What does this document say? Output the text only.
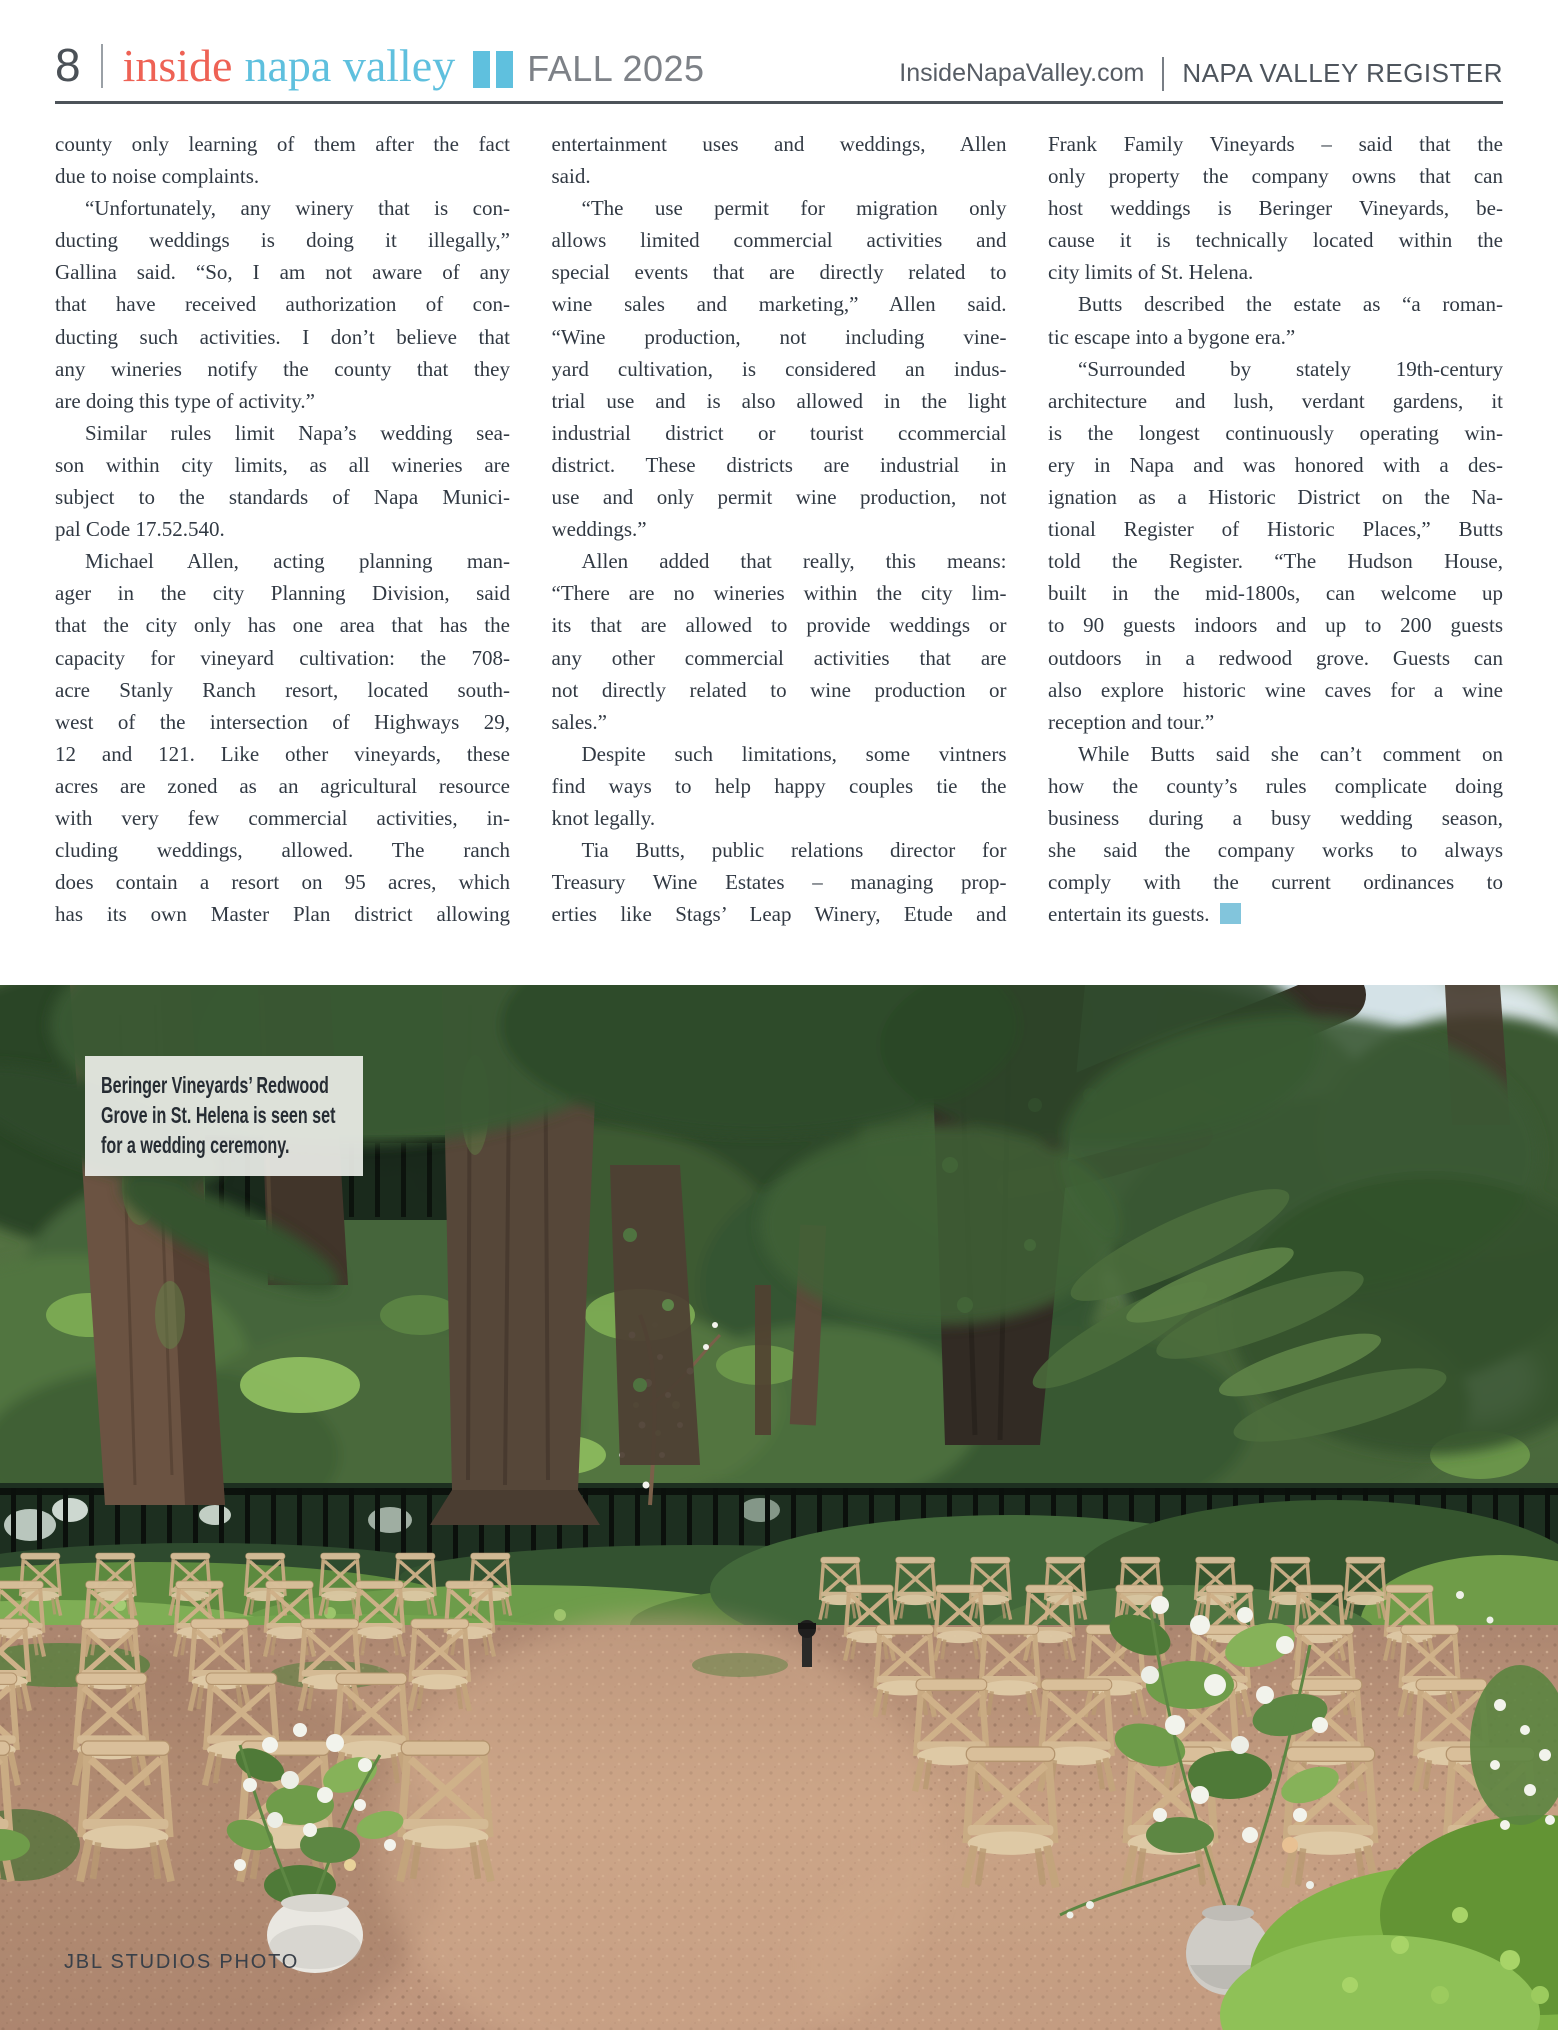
8 inside napa valley FALL 2025	InsideNapaValley.com NAPA VALLEY REGISTER
county only learning of them after the fact
due to noise complaints.
“Unfortunately, any winery that is con-
ducting weddings is doing it illegally,”
Gallina said. “So, I am not aware of any
that have received authorization of con-
ducting such activities. I don’t believe that
any wineries notify the county that they
are doing this type of activity.”
Similar rules limit Napa’s wedding sea-
son within city limits, as all wineries are
subject to the standards of Napa Munici-
pal Code 17.52.540.
Michael Allen, acting planning man-
ager in the city Planning Division, said
that the city only has one area that has the
capacity for vineyard cultivation: the 708-
acre Stanly Ranch resort, located south-
west of the intersection of Highways 29,
12 and 121. Like other vineyards, these
acres are zoned as an agricultural resource
with very few commercial activities, in-
cluding weddings, allowed. The ranch
does contain a resort on 95 acres, which
has its own Master Plan district allowing
entertainment uses and weddings, Allen
said.
“The use permit for migration only
allows limited commercial activities and
special events that are directly related to
wine sales and marketing,” Allen said.
“Wine production, not including vine-
yard cultivation, is considered an indus-
trial use and is also allowed in the light
industrial district or tourist ccommercial
district. These districts are industrial in
use and only permit wine production, not
weddings.”
Allen added that really, this means:
“There are no wineries within the city lim-
its that are allowed to provide weddings or
any other commercial activities that are
not directly related to wine production or
sales.”
Despite such limitations, some vintners
find ways to help happy couples tie the
knot legally.
Tia Butts, public relations director for
Treasury Wine Estates – managing prop-
erties like Stags’ Leap Winery, Etude and
Frank Family Vineyards – said that the
only property the company owns that can
host weddings is Beringer Vineyards, be-
cause it is technically located within the
city limits of St. Helena.
Butts described the estate as “a roman-
tic escape into a bygone era.”
“Surrounded by stately 19th-century
architecture and lush, verdant gardens, it
is the longest continuously operating win-
ery in Napa and was honored with a des-
ignation as a Historic District on the Na-
tional Register of Historic Places,” Butts
told the Register. “The Hudson House,
built in the mid-1800s, can welcome up
to 90 guests indoors and up to 200 guests
outdoors in a redwood grove. Guests can
also explore historic wine caves for a wine
reception and tour.”
While Butts said she can’t comment on
how the county’s rules complicate doing
business during a busy wedding season,
she said the company works to always
comply with the current ordinances to
entertain its guests.
Beringer Vineyards’ Redwood
Grove in St. Helena is seen set
for a wedding ceremony.
JBL STUDIOS PHOTO
